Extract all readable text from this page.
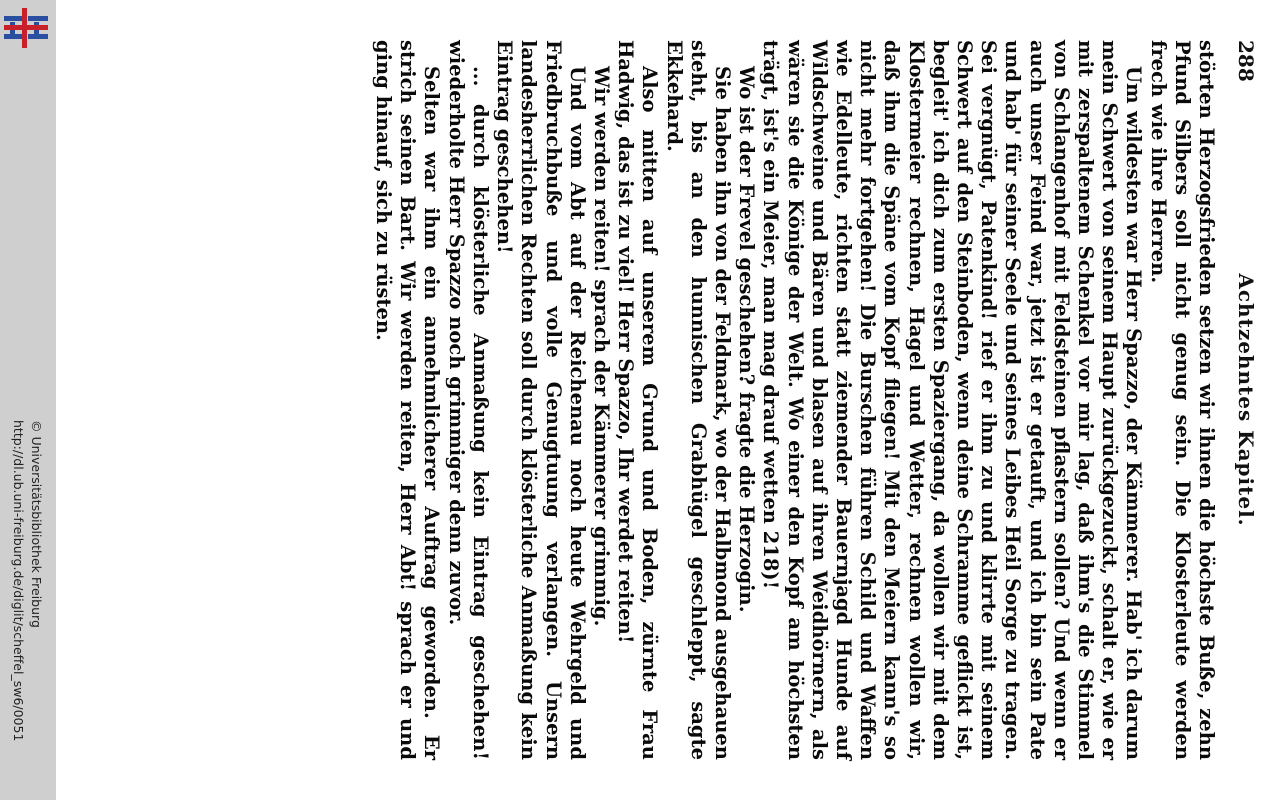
http://dl.ub.uni-freiburg.de/diglit/scheffel_sw6/0051 © Universitätsbibliothek Freiburg
288
Achtzehntes Kapitel.

störten Herzogsfrieden setzen wir ihnen die höchste Buße, zehn Pfund Silbers soll nicht genug sein. Die Klosterleute werden frech wie ihre Herren.

Um wildesten war Herr Spazzo, der Kämmerer. Hab' ich darum mein Schwert von seinem Haupt zurückgezuckt, schalt er, wie er mit zerspaltenem Schenkel vor mir lag, daß ihm's die Stimmel von Schlangenhof mit Feldsteinen pflastern sollen? Und wenn er auch unser Feind war, jetzt ist er getauft, und ich bin sein Pate und hab' für seiner Seele und seines Leibes Heil Sorge zu tragen. Sei vergnügt, Patenkind! rief er ihm zu und klirrte mit seinem Schwert auf den Steinboden, wenn deine Schramme geflickt ist, begleit' ich dich zum ersten Spaziergang, da wollen wir mit dem Klostermeier rechnen, Hagel und Wetter, rechnen wollen wir, daß ihm die Späne vom Kopf fliegen! Mit den Meiern kann's so nicht mehr fortgehen! Die Burschen führen Schild und Waffen wie Edelleute, richten statt ziemender Bauernjagd Hunde auf Wildschweine und Bären und blasen auf ihren Weidhörnern, als wären sie die Könige der Welt. Wo einer den Kopf am höchsten trägt, ist's ein Meier, man mag drauf wetten 218)!

Wo ist der Frevel geschehen? fragte die Herzogin.

Sie haben ihn von der Feldmark, wo der Halbmond ausgehauen steht, bis an den hunnischen Grabhügel geschleppt, sagte Ekkehard.

Also mitten auf unserem Grund und Boden, zürnte Frau Hadwig, das ist zu viel! Herr Spazzo, Ihr werdet reiten!

Wir werden reiten! sprach der Kämmerer grimmig.

Und vom Abt auf der Reichenau noch heute Wehrgeld und Friedbruchbuße und volle Genugtuung verlangen. Unsern landesherrlichen Rechten soll durch klösterliche Anmaßung kein Eintrag geschehen!

... durch klösterliche Anmaßung kein Eintrag geschehen! wiederholte Herr Spazzo noch grimmiger denn zuvor.

Selten war ihm ein annehmlicherer Auftrag geworden. Er strich seinen Bart. Wir werden reiten, Herr Abt! sprach er und ging hinauf, sich zu rüsten.
